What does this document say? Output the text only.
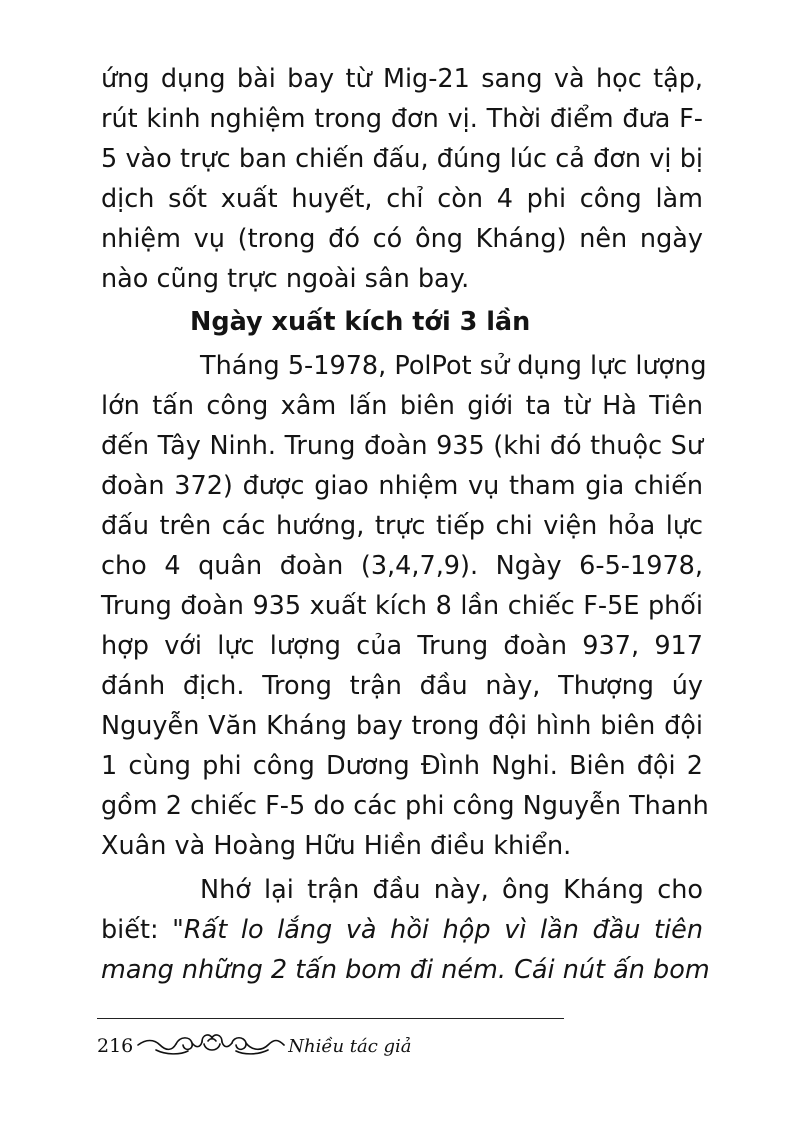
ứng dụng bài bay từ Mig-21 sang và học tập,
rút kinh nghiệm trong đơn vị. Thời điểm đưa F-
5 vào trực ban chiến đấu, đúng lúc cả đơn vị bị
dịch sốt xuất huyết, chỉ còn 4 phi công làm
nhiệm vụ (trong đó có ông Kháng) nên ngày
nào cũng trực ngoài sân bay.
Ngày xuất kích tới 3 lần
Tháng 5-1978, PolPot sử dụng lực lượng
lớn tấn công xâm lấn biên giới ta từ Hà Tiên
đến Tây Ninh. Trung đoàn 935 (khi đó thuộc Sư
đoàn 372) được giao nhiệm vụ tham gia chiến
đấu trên các hướng, trực tiếp chi viện hỏa lực
cho 4 quân đoàn (3,4,7,9). Ngày 6-5-1978,
Trung đoàn 935 xuất kích 8 lần chiếc F-5E phối
hợp với lực lượng của Trung đoàn 937, 917
đánh địch. Trong trận đầu này, Thượng úy
Nguyễn Văn Kháng bay trong đội hình biên đội
1 cùng phi công Dương Đình Nghi. Biên đội 2
gồm 2 chiếc F-5 do các phi công Nguyễn Thanh
Xuân và Hoàng Hữu Hiền điều khiển.
Nhớ lại trận đầu này, ông Kháng cho
biết: "Rất lo lắng và hồi hộp vì lần đầu tiên
mang những 2 tấn bom đi ném. Cái nút ấn bom
216	Nhiều tác giả
